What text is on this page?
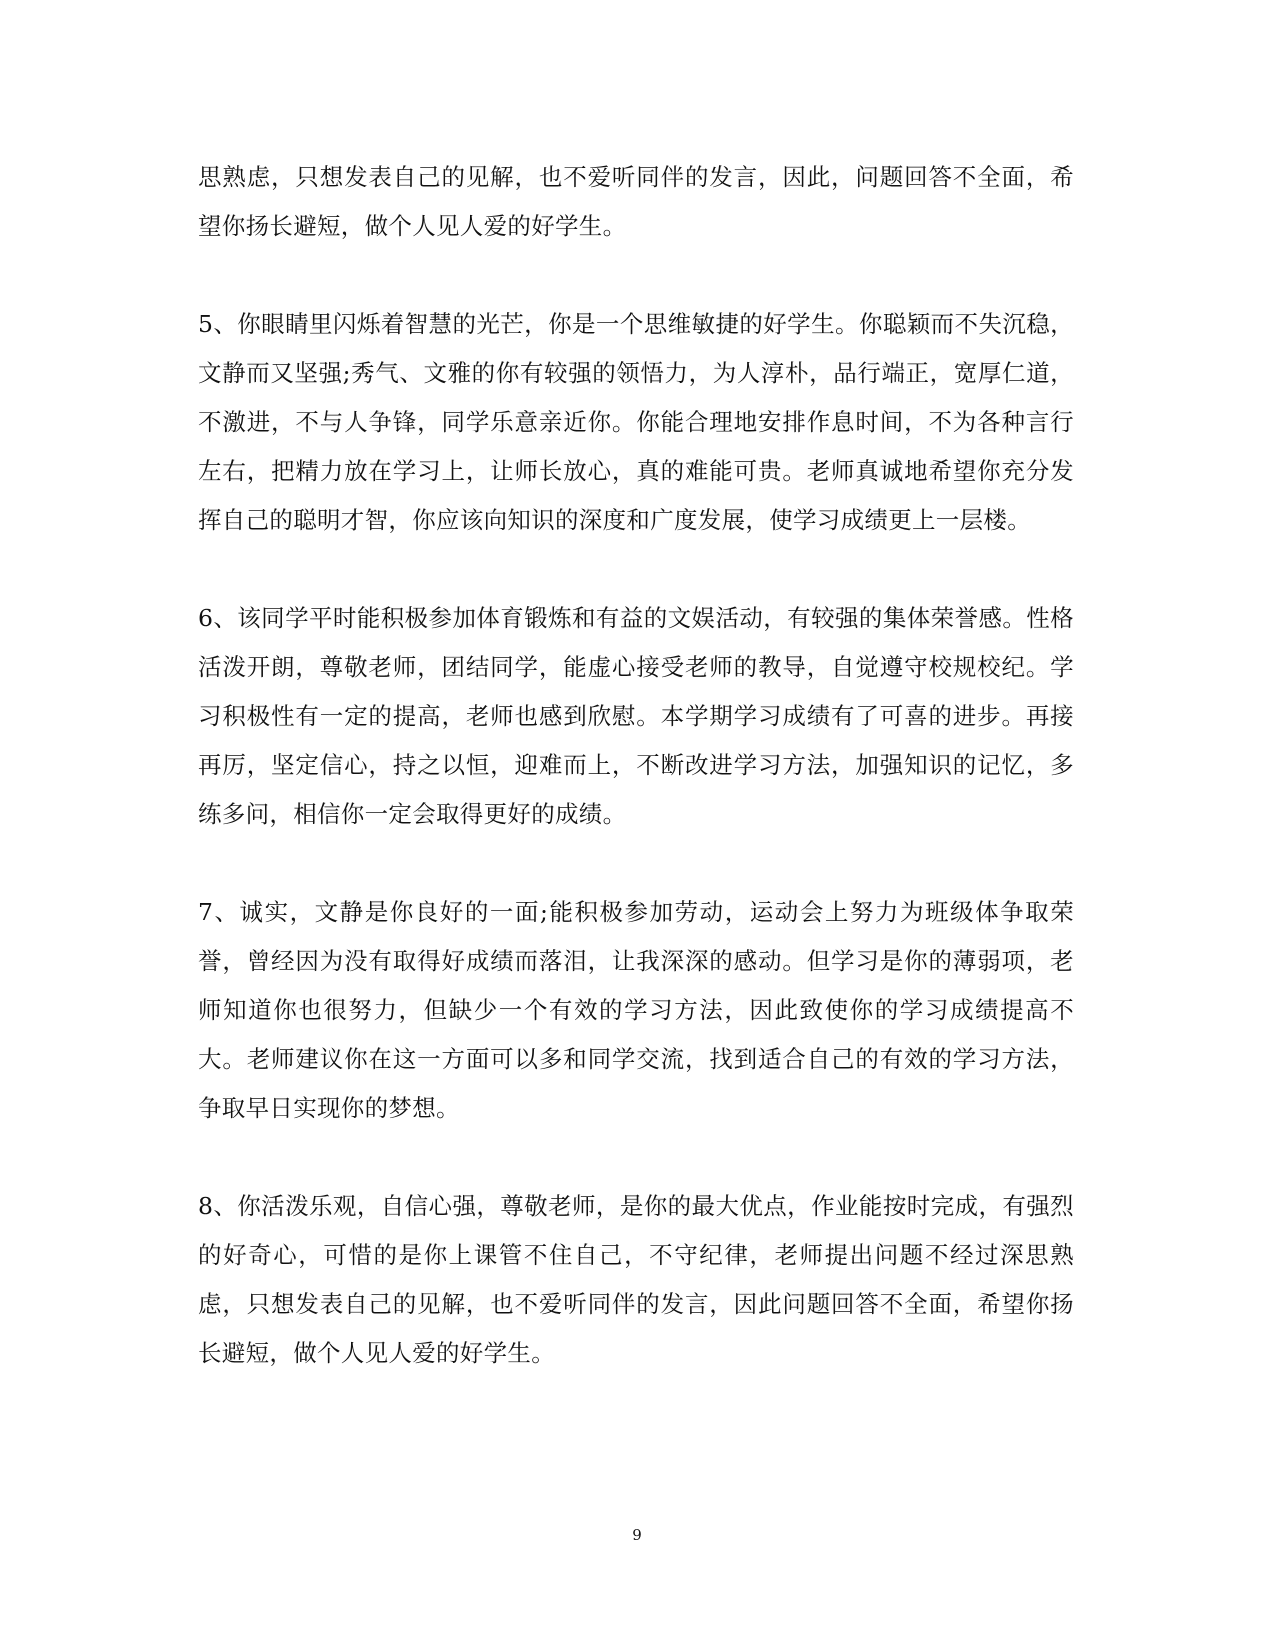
思熟虑，只想发表自己的见解，也不爱听同伴的发言，因此，问题回答不全面，希望你扬长避短，做个人见人爱的好学生。

5、你眼睛里闪烁着智慧的光芒，你是一个思维敏捷的好学生。你聪颖而不失沉稳，文静而又坚强;秀气、文雅的你有较强的领悟力，为人淳朴，品行端正，宽厚仁道，不激进，不与人争锋，同学乐意亲近你。你能合理地安排作息时间，不为各种言行左右，把精力放在学习上，让师长放心，真的难能可贵。老师真诚地希望你充分发挥自己的聪明才智，你应该向知识的深度和广度发展，使学习成绩更上一层楼。

6、该同学平时能积极参加体育锻炼和有益的文娱活动，有较强的集体荣誉感。性格活泼开朗，尊敬老师，团结同学，能虚心接受老师的教导，自觉遵守校规校纪。学习积极性有一定的提高，老师也感到欣慰。本学期学习成绩有了可喜的进步。再接再厉，坚定信心，持之以恒，迎难而上，不断改进学习方法，加强知识的记忆，多练多问，相信你一定会取得更好的成绩。

7、诚实，文静是你良好的一面;能积极参加劳动，运动会上努力为班级体争取荣誉，曾经因为没有取得好成绩而落泪，让我深深的感动。但学习是你的薄弱项，老师知道你也很努力，但缺少一个有效的学习方法，因此致使你的学习成绩提高不大。老师建议你在这一方面可以多和同学交流，找到适合自己的有效的学习方法，争取早日实现你的梦想。

8、你活泼乐观，自信心强，尊敬老师，是你的最大优点，作业能按时完成，有强烈的好奇心，可惜的是你上课管不住自己，不守纪律，老师提出问题不经过深思熟虑，只想发表自己的见解，也不爱听同伴的发言，因此问题回答不全面，希望你扬长避短，做个人见人爱的好学生。

9
